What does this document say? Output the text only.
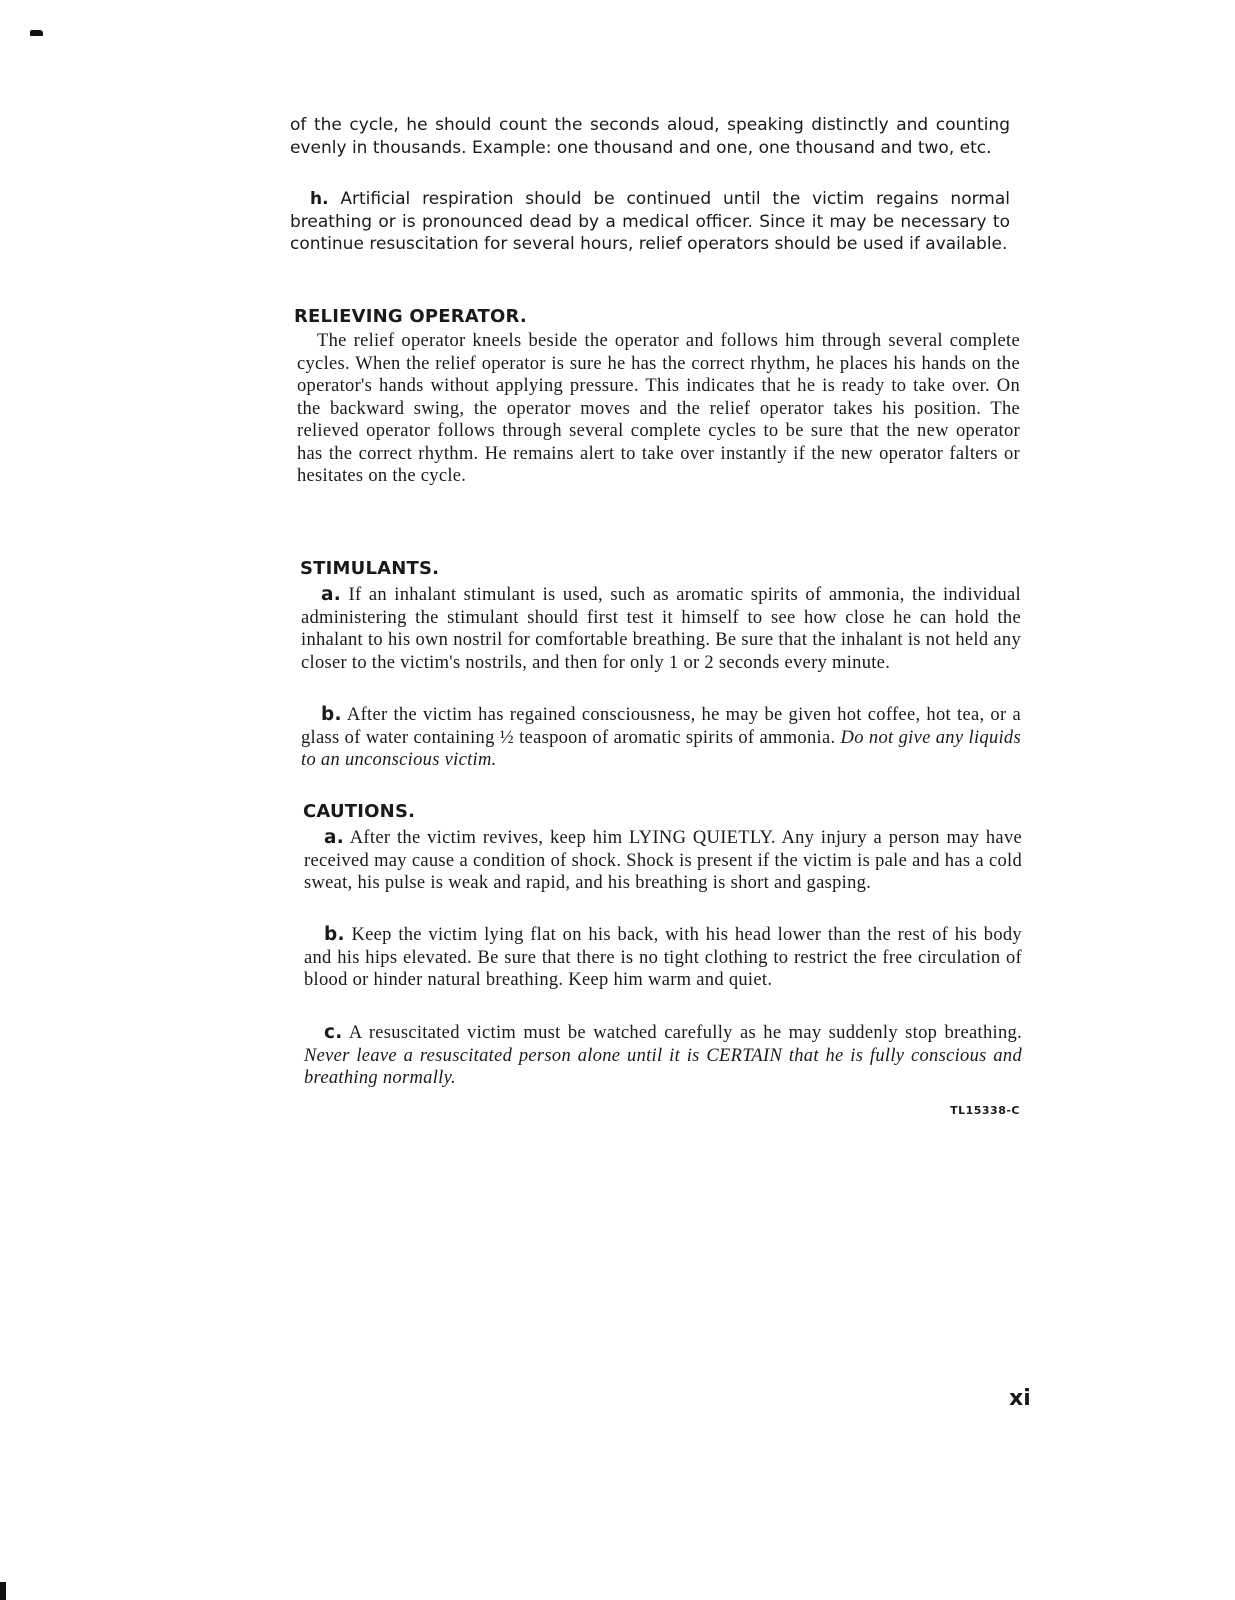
of the cycle, he should count the seconds aloud, speaking distinctly and counting evenly in thousands. Example: one thousand and one, one thousand and two, etc.

h. Artificial respiration should be continued until the victim regains normal breathing or is pronounced dead by a medical officer. Since it may be necessary to continue resuscitation for several hours, relief operators should be used if available.

RELIEVING OPERATOR.

The relief operator kneels beside the operator and follows him through several complete cycles. When the relief operator is sure he has the correct rhythm, he places his hands on the operator's hands without applying pressure. This indicates that he is ready to take over. On the backward swing, the operator moves and the relief operator takes his position. The relieved operator follows through several complete cycles to be sure that the new operator has the correct rhythm. He remains alert to take over instantly if the new operator falters or hesitates on the cycle.

STIMULANTS.

a. If an inhalant stimulant is used, such as aromatic spirits of ammonia, the individual administering the stimulant should first test it himself to see how close he can hold the inhalant to his own nostril for comfortable breathing. Be sure that the inhalant is not held any closer to the victim's nostrils, and then for only 1 or 2 seconds every minute.

b. After the victim has regained consciousness, he may be given hot coffee, hot tea, or a glass of water containing ½ teaspoon of aromatic spirits of ammonia. Do not give any liquids to an unconscious victim.

CAUTIONS.

a. After the victim revives, keep him LYING QUIETLY. Any injury a person may have received may cause a condition of shock. Shock is present if the victim is pale and has a cold sweat, his pulse is weak and rapid, and his breathing is short and gasping.

b. Keep the victim lying flat on his back, with his head lower than the rest of his body and his hips elevated. Be sure that there is no tight clothing to restrict the free circulation of blood or hinder natural breathing. Keep him warm and quiet.

c. A resuscitated victim must be watched carefully as he may suddenly stop breathing. Never leave a resuscitated person alone until it is CERTAIN that he is fully conscious and breathing normally.

TL15338-C
xi
